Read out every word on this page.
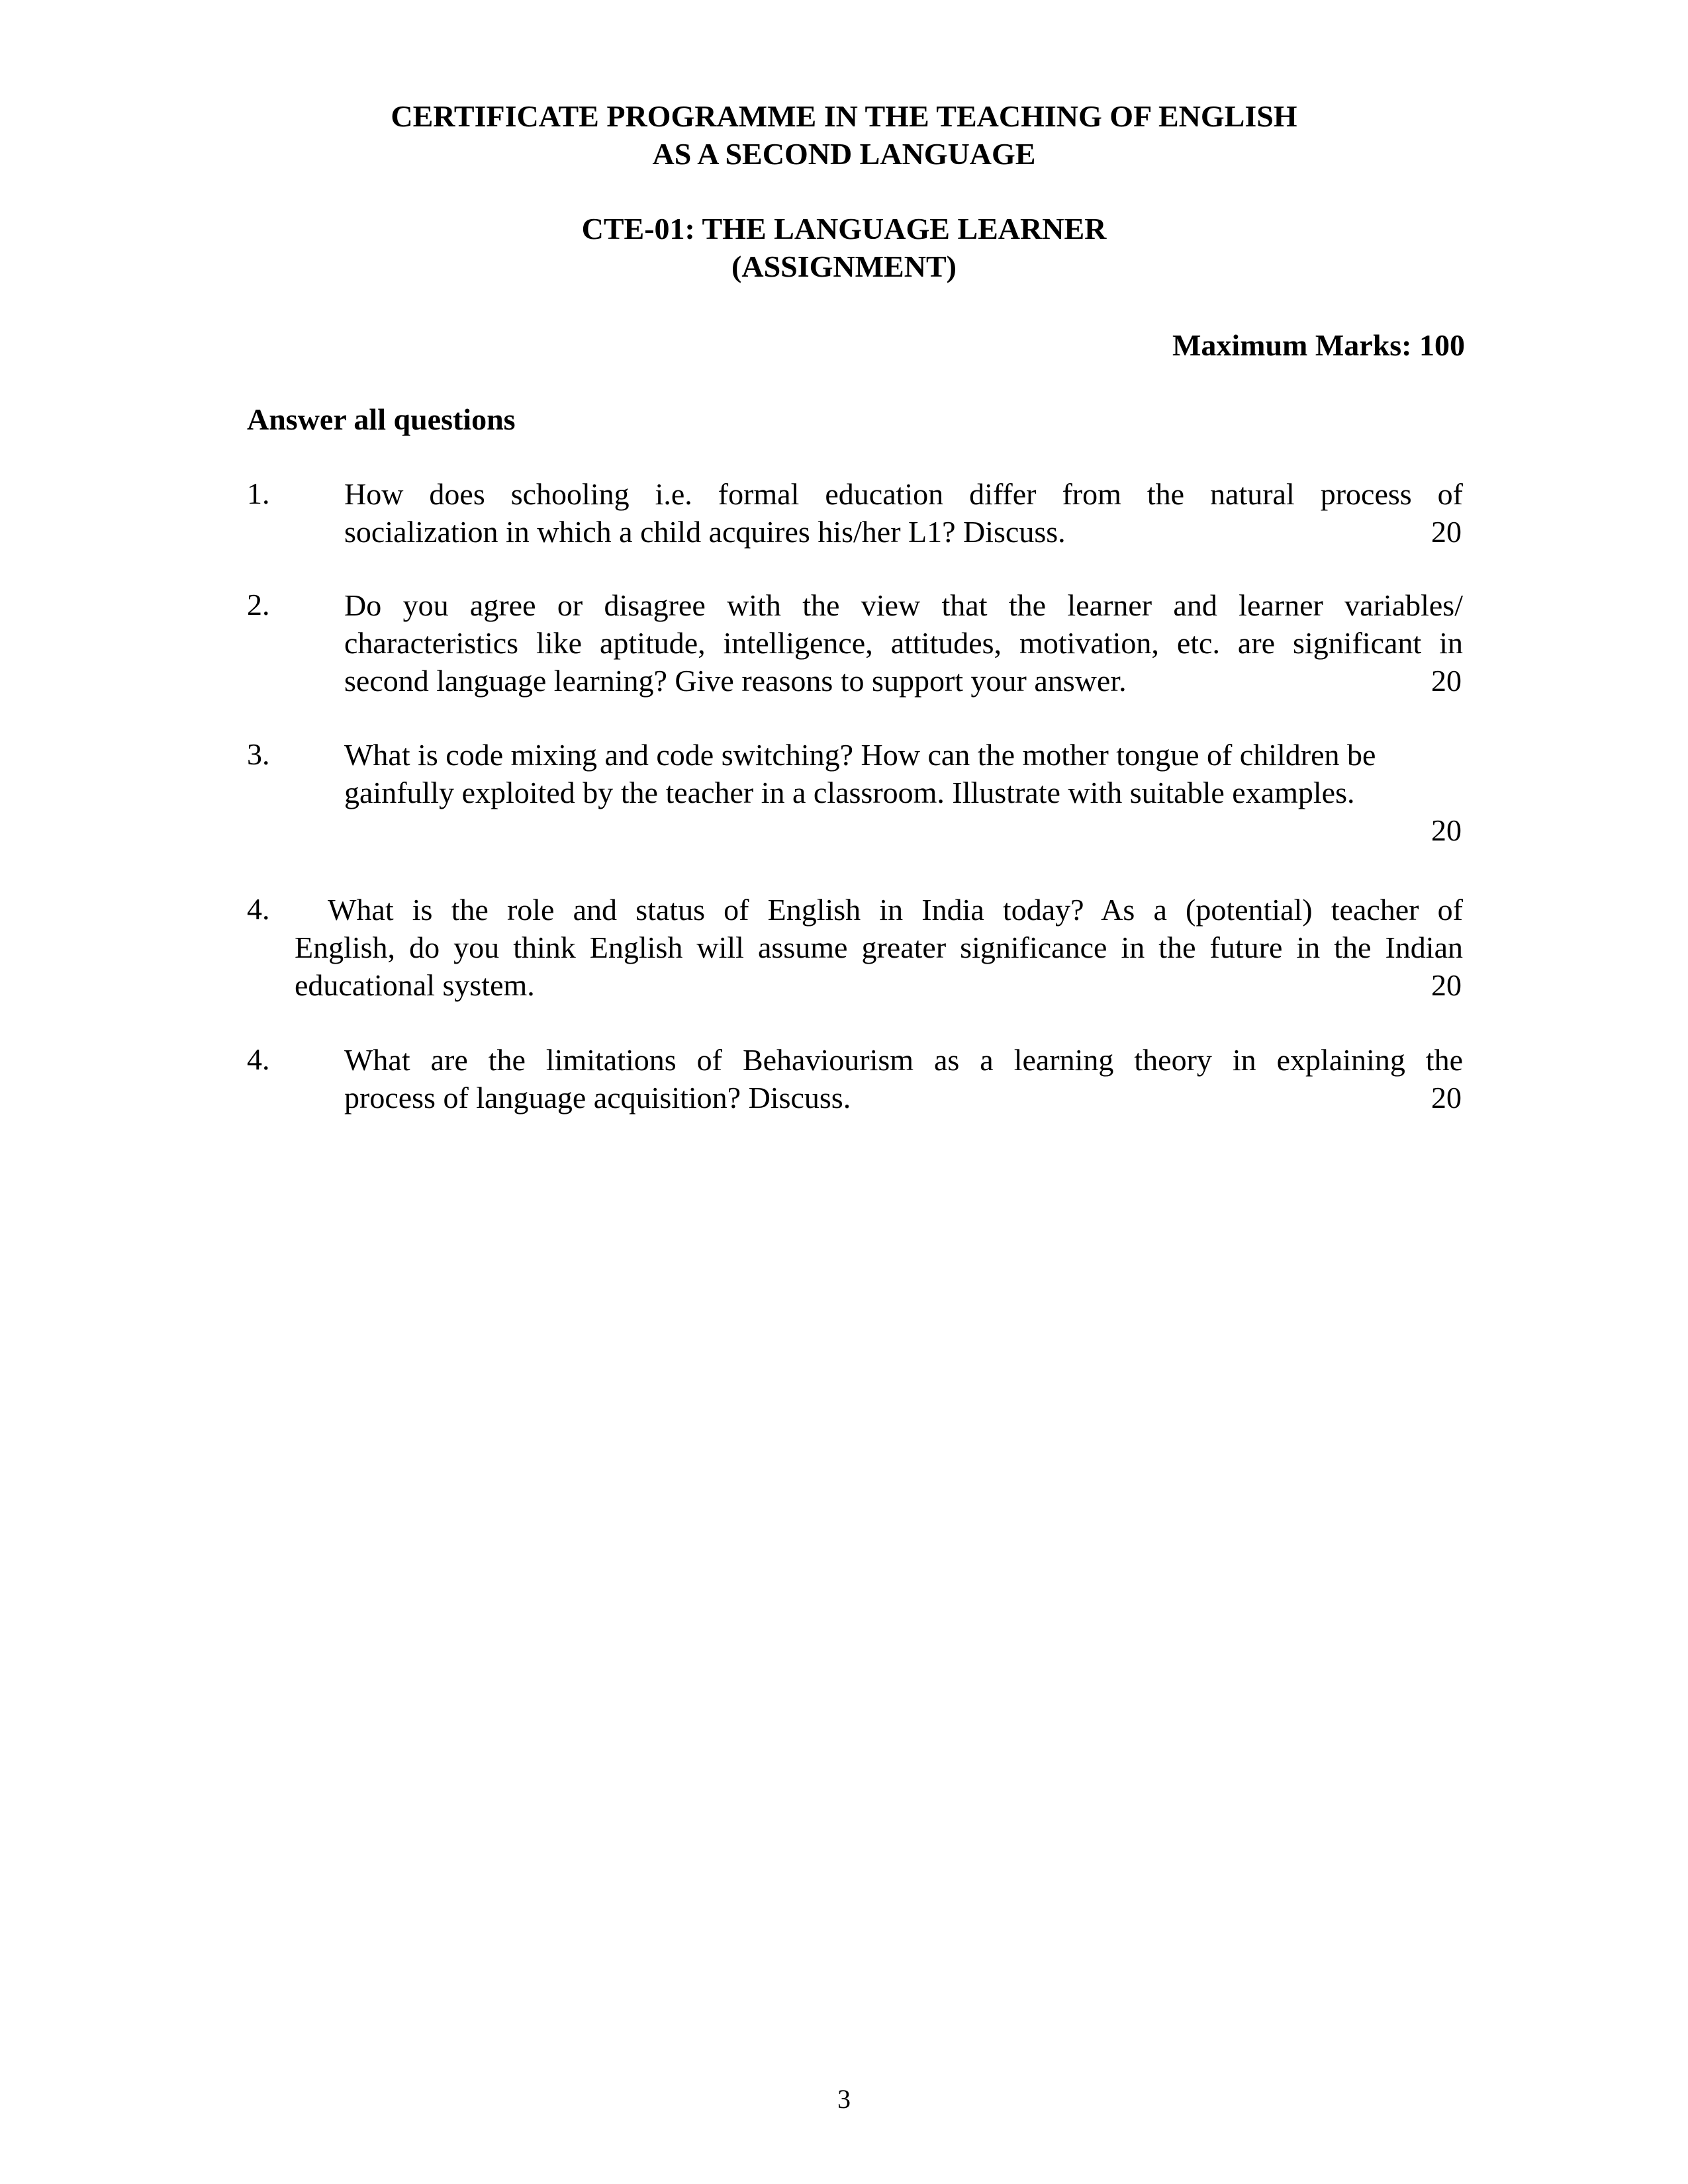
CERTIFICATE PROGRAMME IN THE TEACHING OF ENGLISH
AS A SECOND LANGUAGE
CTE-01: THE LANGUAGE LEARNER
(ASSIGNMENT)
Maximum Marks: 100
Answer all questions
1. How does schooling i.e. formal education differ from the natural process of
socialization in which a child acquires his/her L1? Discuss.	20
2. Do you agree or disagree with the view that the learner and learner variables/
characteristics like aptitude, intelligence, attitudes, motivation, etc. are significant in
second language learning? Give reasons to support your answer.	20
3. What is code mixing and code switching? How can the mother tongue of children be
gainfully exploited by the teacher in a classroom. Illustrate with suitable examples.
20
4.	What is the role and status of English in India today? As a (potential) teacher of
English, do you think English will assume greater significance in the future in the Indian
educational system.	20
4. What are the limitations of Behaviourism as a learning theory in explaining the
process of language acquisition? Discuss.	20
3
